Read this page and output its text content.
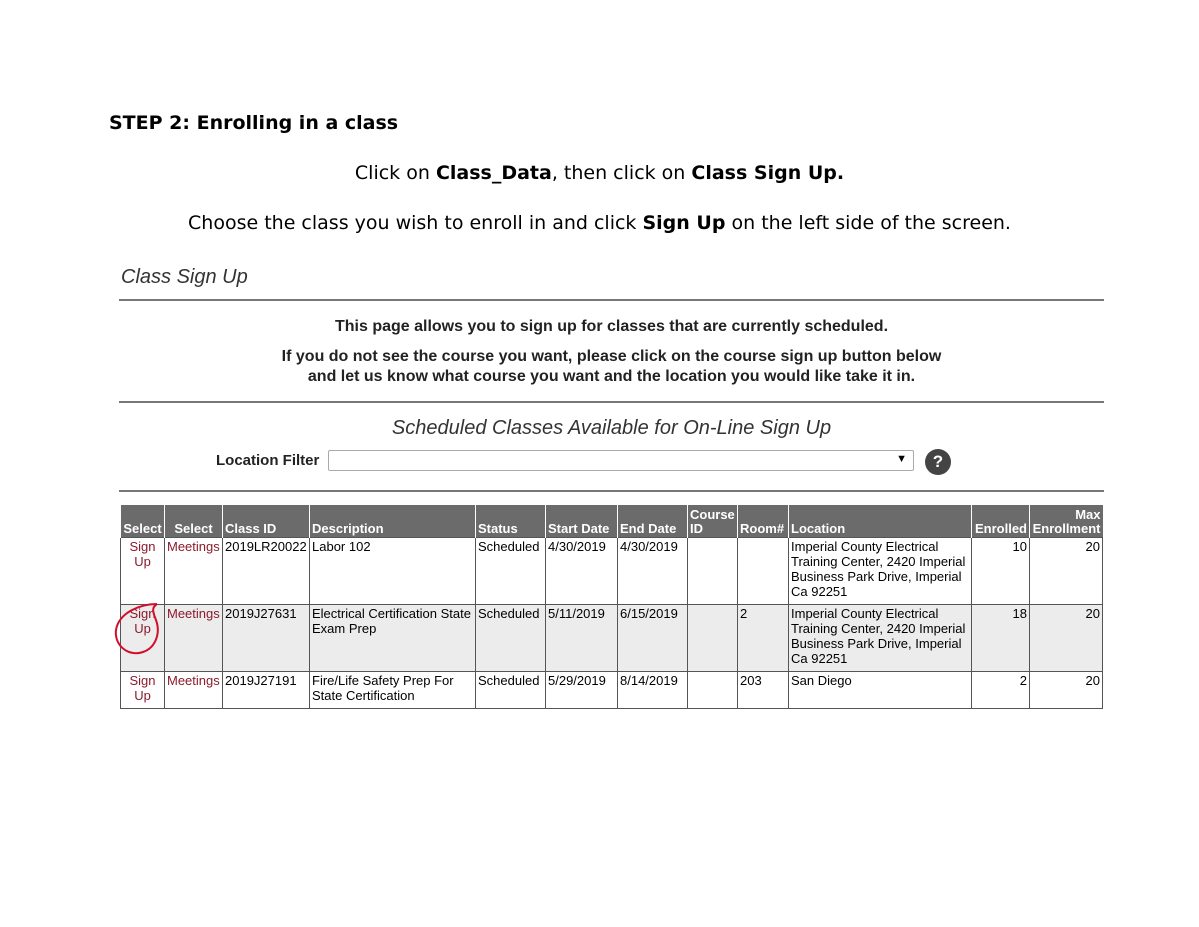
STEP 2: Enrolling in a class
Click on Class_Data, then click on Class Sign Up.
Choose the class you wish to enroll in and click Sign Up on the left side of the screen.
Class Sign Up
This page allows you to sign up for classes that are currently scheduled.
If you do not see the course you want, please click on the course sign up button below
and let us know what course you want and the location you would like take it in.
Scheduled Classes Available for On-Line Sign Up
Location Filter	▼	?
Select	Select	Class ID	Description	Status	Start Date	End Date	Course ID	Room#	Location	Enrolled	Max Enrollment
Sign Up	Meetings	2019LR20022	Labor 102	Scheduled	4/30/2019	4/30/2019			Imperial County Electrical Training Center, 2420 Imperial Business Park Drive, Imperial Ca 92251	10	20
Sign Up	Meetings	2019J27631	Electrical Certification State Exam Prep	Scheduled	5/11/2019	6/15/2019		2	Imperial County Electrical Training Center, 2420 Imperial Business Park Drive, Imperial Ca 92251	18	20
Sign Up	Meetings	2019J27191	Fire/Life Safety Prep For State Certification	Scheduled	5/29/2019	8/14/2019		203	San Diego	2	20
